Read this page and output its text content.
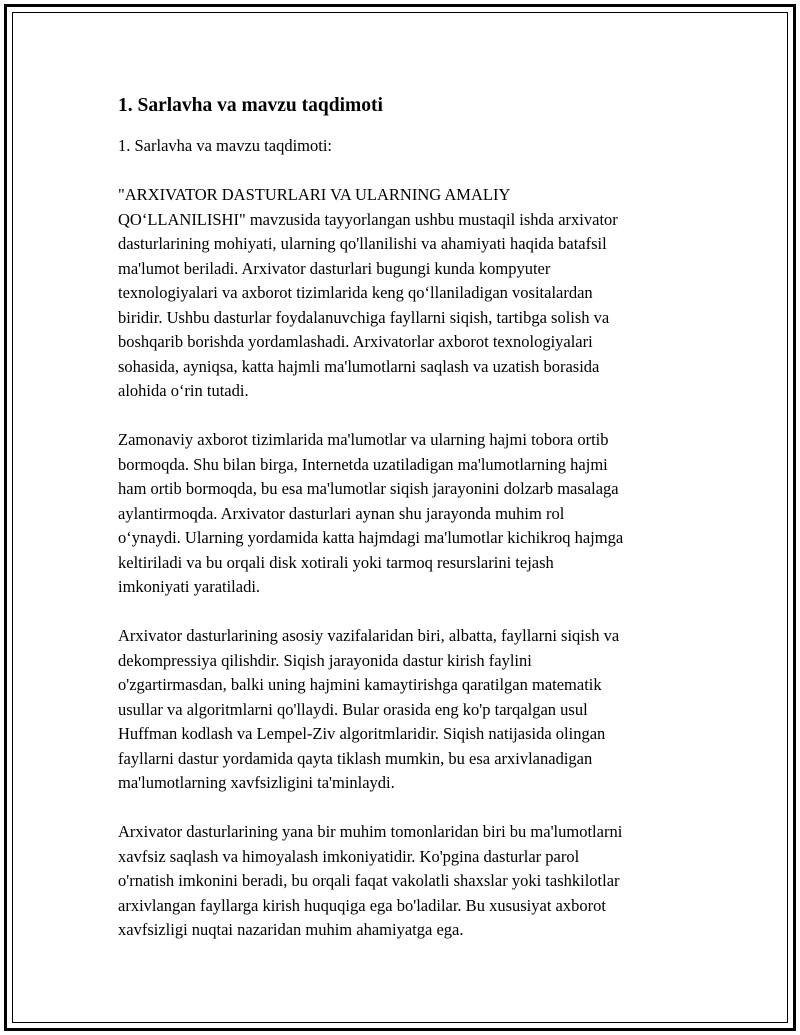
1. Sarlavha va mavzu taqdimoti
1. Sarlavha va mavzu taqdimoti:
"ARXIVATOR DASTURLARI VA ULARNING AMALIY
QO‘LLANILISHI" mavzusida tayyorlangan ushbu mustaqil ishda arxivator
dasturlarining mohiyati, ularning qo'llanilishi va ahamiyati haqida batafsil
ma'lumot beriladi. Arxivator dasturlari bugungi kunda kompyuter
texnologiyalari va axborot tizimlarida keng qo‘llaniladigan vositalardan
biridir. Ushbu dasturlar foydalanuvchiga fayllarni siqish, tartibga solish va
boshqarib borishda yordamlashadi. Arxivatorlar axborot texnologiyalari
sohasida, ayniqsa, katta hajmli ma'lumotlarni saqlash va uzatish borasida
alohida o‘rin tutadi.
Zamonaviy axborot tizimlarida ma'lumotlar va ularning hajmi tobora ortib
bormoqda. Shu bilan birga, Internetda uzatiladigan ma'lumotlarning hajmi
ham ortib bormoqda, bu esa ma'lumotlar siqish jarayonini dolzarb masalaga
aylantirmoqda. Arxivator dasturlari aynan shu jarayonda muhim rol
o‘ynaydi. Ularning yordamida katta hajmdagi ma'lumotlar kichikroq hajmga
keltiriladi va bu orqali disk xotirali yoki tarmoq resurslarini tejash
imkoniyati yaratiladi.
Arxivator dasturlarining asosiy vazifalaridan biri, albatta, fayllarni siqish va
dekompressiya qilishdir. Siqish jarayonida dastur kirish faylini
o'zgartirmasdan, balki uning hajmini kamaytirishga qaratilgan matematik
usullar va algoritmlarni qo'llaydi. Bular orasida eng ko'p tarqalgan usul
Huffman kodlash va Lempel-Ziv algoritmlaridir. Siqish natijasida olingan
fayllarni dastur yordamida qayta tiklash mumkin, bu esa arxivlanadigan
ma'lumotlarning xavfsizligini ta'minlaydi.
Arxivator dasturlarining yana bir muhim tomonlaridan biri bu ma'lumotlarni
xavfsiz saqlash va himoyalash imkoniyatidir. Ko'pgina dasturlar parol
o'rnatish imkonini beradi, bu orqali faqat vakolatli shaxslar yoki tashkilotlar
arxivlangan fayllarga kirish huquqiga ega bo'ladilar. Bu xususiyat axborot
xavfsizligi nuqtai nazaridan muhim ahamiyatga ega.
